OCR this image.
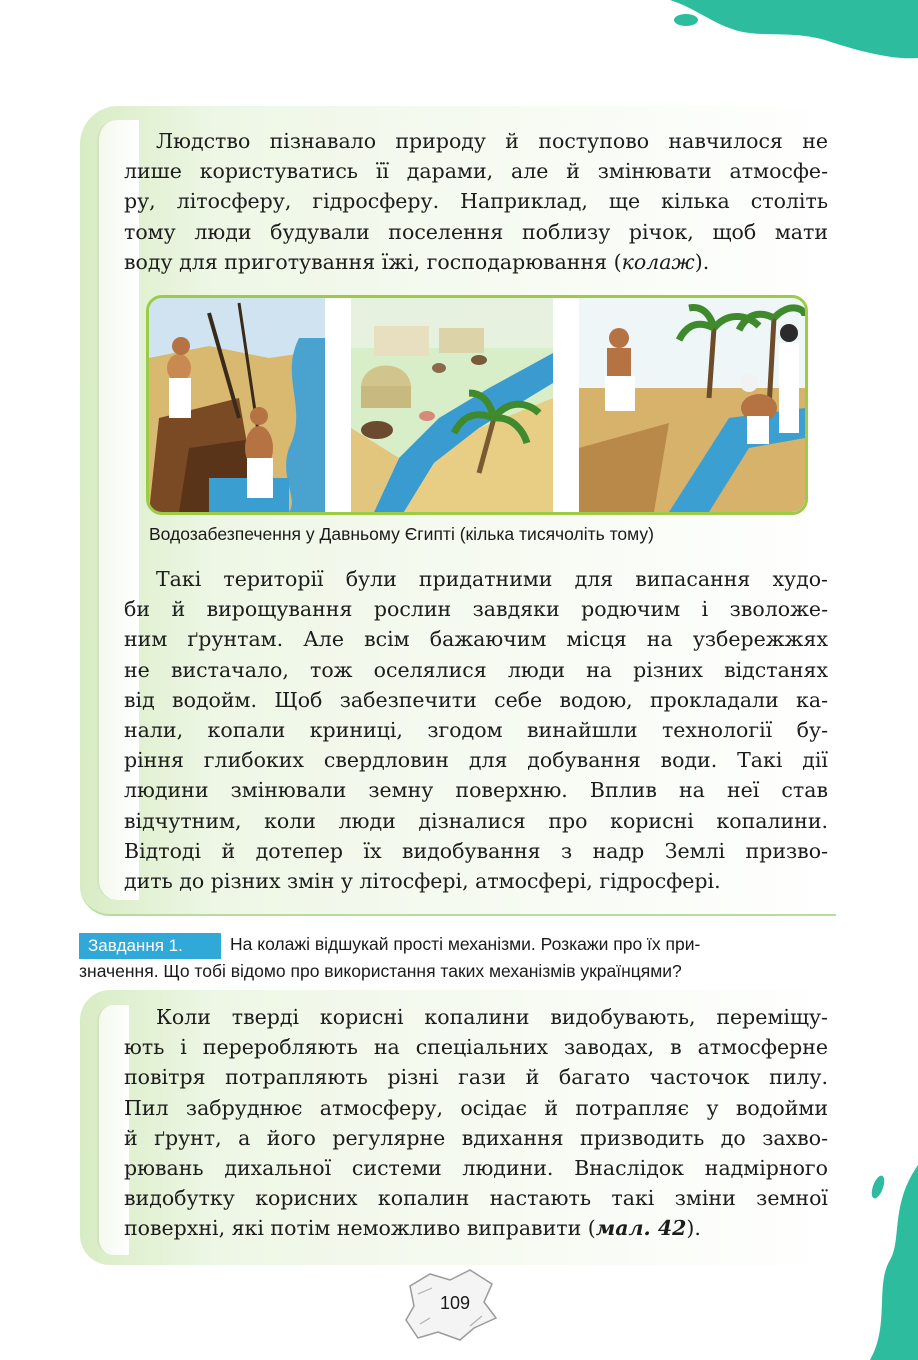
Людство пізнавало природу й поступово навчилося не
лише користуватись її дарами, але й змінювати атмосфе-
ру, літосферу, гідросферу. Наприклад, ще кілька століть
тому люди будували поселення поблизу річок, щоб мати
воду для приготування їжі, господарювання (колаж).
Водозабезпечення у Давньому Єгипті (кілька тисячоліть тому)
Такі території були придатними для випасання худо-
би й вирощування рослин завдяки родючим і зволоже-
ним ґрунтам. Але всім бажаючим місця на узбережжях
не вистачало, тож оселялися люди на різних відстанях
від водойм. Щоб забезпечити себе водою, прокладали ка-
нали, копали криниці, згодом винайшли технології бу-
ріння глибоких свердловин для добування води. Такі дії
людини змінювали земну поверхню. Вплив на неї став
відчутним, коли люди дізналися про корисні копалини.
Відтоді й дотепер їх видобування з надр Землі призво-
дить до різних змін у літосфері, атмосфері, гідросфері.
Завдання 1.	На колажі відшукай прості механізми. Розкажи про їх при-
значення. Що тобі відомо про використання таких механізмів українцями?
Коли тверді корисні копалини видобувають, переміщу-
ють і переробляють на спеціальних заводах, в атмосферне
повітря потрапляють різні гази й багато часточок пилу.
Пил забруднює атмосферу, осідає й потрапляє у водойми
й ґрунт, а його регулярне вдихання призводить до захво-
рювань дихальної системи людини. Внаслідок надмірного
видобутку корисних копалин настають такі зміни земної
поверхні, які потім неможливо виправити (мал. 42).
109
